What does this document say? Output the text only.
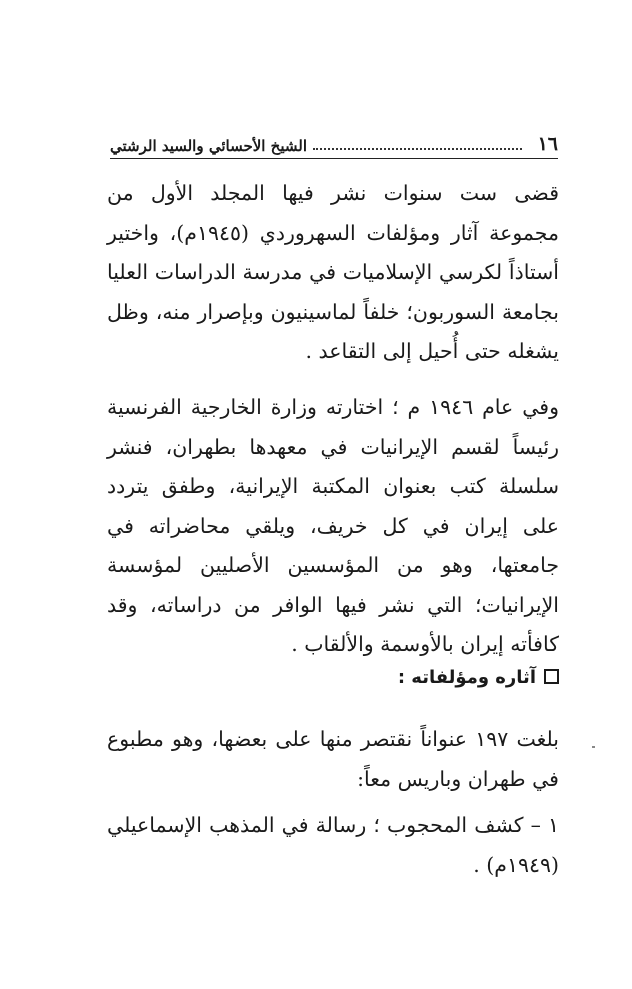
١٦
الشيخ الأحسائي والسيد الرشتي

قضى ست سنوات نشر فيها المجلد الأول من مجموعة آثار ومؤلفات السهروردي (١٩٤٥م)، واختير أستاذاً لكرسي الإسلاميات في مدرسة الدراسات العليا بجامعة السوربون؛ خلفاً لماسينيون وبإصرار منه، وظل يشغله حتى أُحيل إلى التقاعد .

وفي عام ١٩٤٦ م ؛ اختارته وزارة الخارجية الفرنسية رئيساً لقسم الإيرانيات في معهدها بطهران، فنشر سلسلة كتب بعنوان المكتبة الإيرانية، وطفق يتردد على إيران في كل خريف، ويلقي محاضراته في جامعتها، وهو من المؤسسين الأصليين لمؤسسة الإيرانيات؛ التي نشر فيها الوافر من دراساته، وقد كافأته إيران بالأوسمة والألقاب .

آثاره ومؤلفاته :

بلغت ١٩٧ عنواناً نقتصر منها على بعضها، وهو مطبوع في طهران وباريس معاً:

١ – كشف المحجوب ؛ رسالة في المذهب الإسماعيلي (١٩٤٩م) .
